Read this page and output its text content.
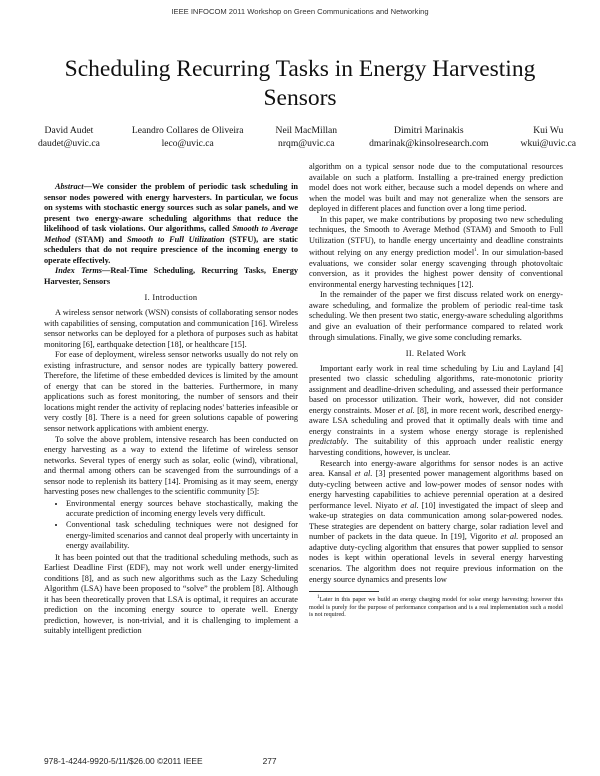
IEEE INFOCOM 2011 Workshop on Green Communications and Networking
Scheduling Recurring Tasks in Energy Harvesting Sensors
David Audet
daudet@uvic.ca
Leandro Collares de Oliveira
leco@uvic.ca
Neil MacMillan
nrqm@uvic.ca
Dimitri Marinakis
dmarinak@kinsolresearch.com
Kui Wu
wkui@uvic.ca

Abstract—We consider the problem of periodic task scheduling in sensor nodes powered with energy harvesters. In particular, we focus on systems with stochastic energy sources such as solar panels, and we present two energy-aware scheduling algorithms that reduce the likelihood of task violations. Our algorithms, called Smooth to Average Method (STAM) and Smooth to Full Utilization (STFU), are static schedulers that do not require prescience of the incoming energy to operate effectively.

Index Terms—Real-Time Scheduling, Recurring Tasks, Energy Harvester, Sensors

I. Introduction

A wireless sensor network (WSN) consists of collaborating sensor nodes with capabilities of sensing, computation and communication [16]. Wireless sensor networks can be deployed for a plethora of purposes such as habitat monitoring [6], earthquake detection [18], or healthcare [15].

For ease of deployment, wireless sensor networks usually do not rely on existing infrastructure, and sensor nodes are typically battery powered. Therefore, the lifetime of these embedded devices is limited by the amount of energy that can be stored in the batteries. Furthermore, in many applications such as forest monitoring, the number of sensors and their locations might render the activity of replacing nodes' batteries infeasible or very costly [8]. There is a need for green solutions capable of powering sensor network applications with ambient energy.

To solve the above problem, intensive research has been conducted on energy harvesting as a way to extend the lifetime of wireless sensor networks. Several types of energy such as solar, eolic (wind), vibrational, and thermal among others can be scavenged from the surroundings of a sensor node to replenish its battery [14]. Promising as it may seem, energy harvesting poses new challenges to the scientific community [5]:

• Environmental energy sources behave stochastically, making the accurate prediction of incoming energy levels very difficult.
• Conventional task scheduling techniques were not designed for energy-limited scenarios and cannot deal properly with uncertainty in energy availability.

It has been pointed out that the traditional scheduling methods, such as Earliest Deadline First (EDF), may not work well under energy-limited conditions [8], and as such new algorithms such as the Lazy Scheduling Algorithm (LSA) have been proposed to “solve” the problem [8]. Although it has been theoretically proven that LSA is optimal, it requires an accurate prediction on the incoming energy source to operate well. Energy prediction, however, is non-trivial, and it is challenging to implement a suitably intelligent prediction

algorithm on a typical sensor node due to the computational resources available on such a platform. Installing a pre-trained energy prediction model does not work either, because such a model depends on where and when the model was built and may not generalize when the sensors are deployed in different places and function over a long time period.

In this paper, we make contributions by proposing two new scheduling techniques, the Smooth to Average Method (STAM) and Smooth to Full Utilization (STFU), to handle energy uncertainty and deadline constraints without relying on any energy prediction model$^1$. In our simulation-based evaluations, we consider solar energy scavenging through photovoltaic conversion, as it provides the highest power density of conventional environmental energy harvesting techniques [12].

In the remainder of the paper we first discuss related work on energy-aware scheduling, and formalize the problem of periodic real-time task scheduling. We then present two static, energy-aware scheduling algorithms and give an evaluation of their performance compared to related work through simulations. Finally, we give some concluding remarks.

II. Related Work

Important early work in real time scheduling by Liu and Layland [4] presented two classic scheduling algorithms, rate-monotonic priority assignment and deadline-driven scheduling, and assessed their performance based on processor utilization. Their work, however, did not consider energy constraints. Moser et al. [8], in more recent work, described energy-aware LSA scheduling and proved that it optimally deals with time and energy constraints in a system whose energy storage is replenished predictably. The suitability of this approach under realistic energy harvesting conditions, however, is unclear.

Research into energy-aware algorithms for sensor nodes is an active area. Kansal et al. [3] presented power management algorithms based on duty-cycling between active and low-power modes of sensor nodes with energy harvesting capabilities to achieve perennial operation at a desired performance level. Niyato et al. [10] investigated the impact of sleep and wake-up strategies on data communication among solar-powered nodes. These strategies are dependent on battery charge, solar radiation level and number of packets in the data queue. In [19], Vigorito et al. proposed an adaptive duty-cycling algorithm that ensures that power supplied to sensor nodes is kept within operational levels in several energy harvesting scenarios. The algorithm does not require previous information on the energy source dynamics and presents low

$^1$Later in this paper we build an energy charging model for solar energy harvesting; however this model is purely for the purpose of performance comparison and is a real implementation such a model is not required.

978-1-4244-9920-5/11/$26.00 ©2011 IEEE	277
